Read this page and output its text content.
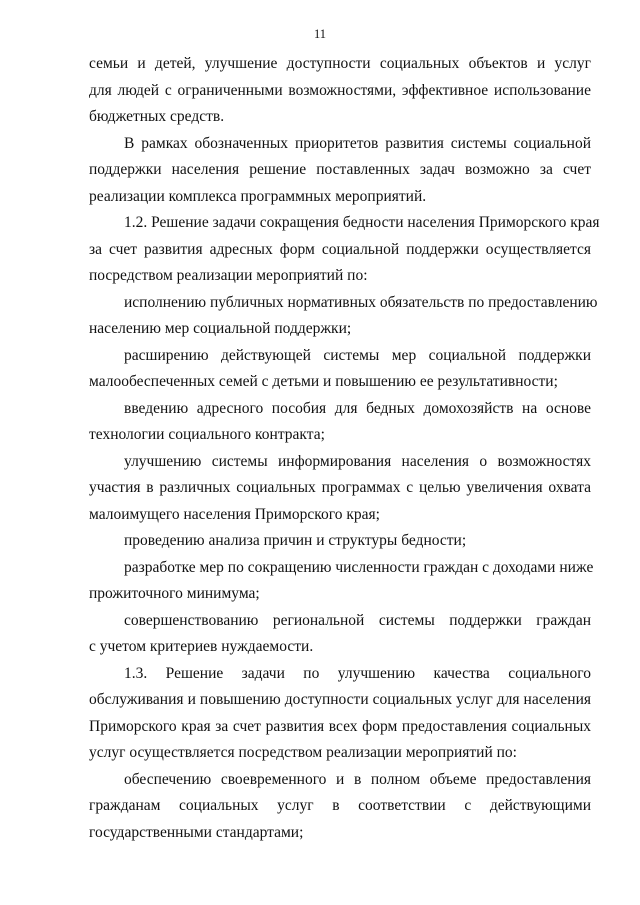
11

семьи и детей, улучшение доступности социальных объектов и услуг
для людей с ограниченными возможностями, эффективное использование
бюджетных средств.

В рамках обозначенных приоритетов развития системы социальной
поддержки населения решение поставленных задач возможно за счет
реализации комплекса программных мероприятий.

1.2. Решение задачи сокращения бедности населения Приморского края
за счет развития адресных форм социальной поддержки осуществляется
посредством реализации мероприятий по:

исполнению публичных нормативных обязательств по предоставлению
населению мер социальной поддержки;

расширению действующей системы мер социальной поддержки
малообеспеченных семей с детьми и повышению ее результативности;

введению адресного пособия для бедных домохозяйств на основе
технологии социального контракта;

улучшению системы информирования населения о возможностях
участия в различных социальных программах с целью увеличения охвата
малоимущего населения Приморского края;

проведению анализа причин и структуры бедности;

разработке мер по сокращению численности граждан с доходами ниже
прожиточного минимума;

совершенствованию региональной системы поддержки граждан
с учетом критериев нуждаемости.

1.3. Решение задачи по улучшению качества социального
обслуживания и повышению доступности социальных услуг для населения
Приморского края за счет развития всех форм предоставления социальных
услуг осуществляется посредством реализации мероприятий по:

обеспечению своевременного и в полном объеме предоставления
гражданам социальных услуг в соответствии с действующими
государственными стандартами;
